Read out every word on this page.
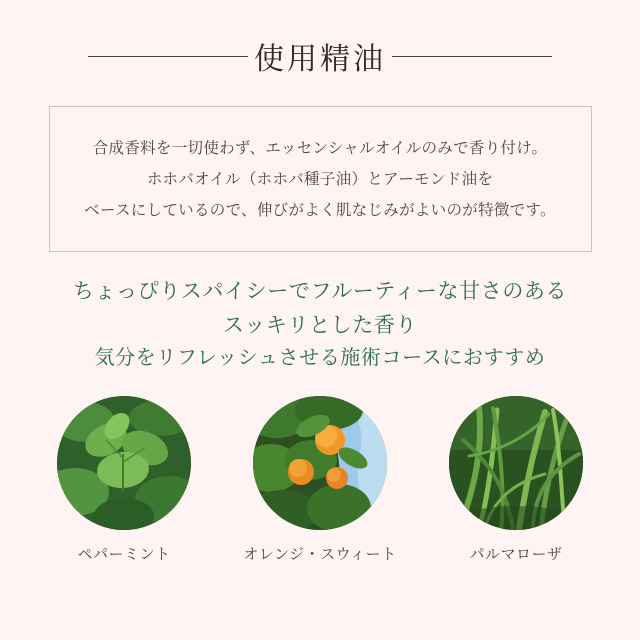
使用精油
合成香料を一切使わず、エッセンシャルオイルのみで香り付け。
ホホバオイル（ホホバ種子油）とアーモンド油を
ベースにしているので、伸びがよく肌なじみがよいのが特徴です。
ちょっぴりスパイシーでフルーティーな甘さのある
スッキリとした香り
気分をリフレッシュさせる施術コースにおすすめ
ペパーミント	オレンジ・スウィート	パルマローザ
